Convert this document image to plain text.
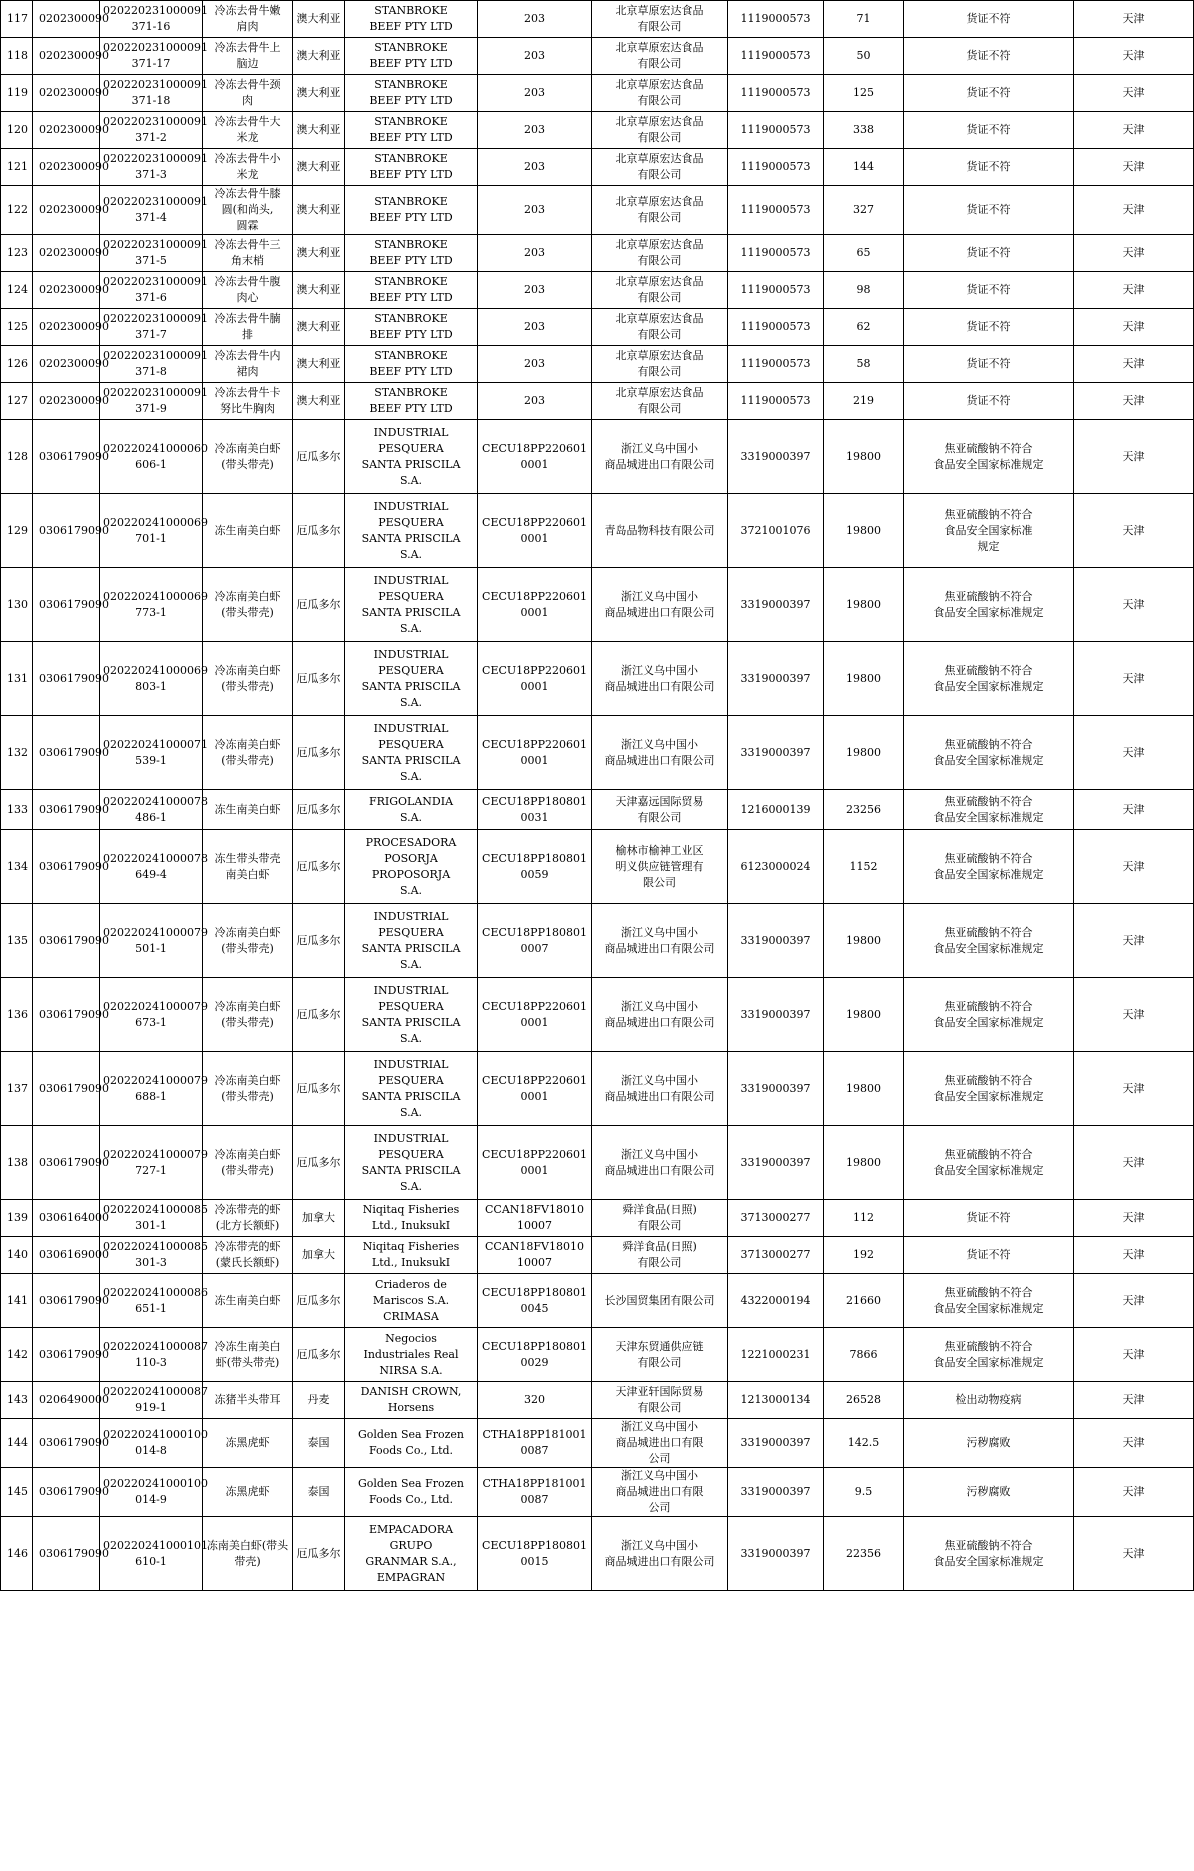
117	0202300090	020220231000091
371-16	冷冻去骨牛嫩
肩肉	澳大利亚	STANBROKE
BEEF PTY LTD	203	北京草原宏达食品
有限公司	1119000573	71	货证不符	天津
118	0202300090	020220231000091
371-17	冷冻去骨牛上
脑边	澳大利亚	STANBROKE
BEEF PTY LTD	203	北京草原宏达食品
有限公司	1119000573	50	货证不符	天津
119	0202300090	020220231000091
371-18	冷冻去骨牛颈
肉	澳大利亚	STANBROKE
BEEF PTY LTD	203	北京草原宏达食品
有限公司	1119000573	125	货证不符	天津
120	0202300090	020220231000091
371-2	冷冻去骨牛大
米龙	澳大利亚	STANBROKE
BEEF PTY LTD	203	北京草原宏达食品
有限公司	1119000573	338	货证不符	天津
121	0202300090	020220231000091
371-3	冷冻去骨牛小
米龙	澳大利亚	STANBROKE
BEEF PTY LTD	203	北京草原宏达食品
有限公司	1119000573	144	货证不符	天津
122	0202300090	020220231000091
371-4	冷冻去骨牛膝
圆(和尚头,
圆霖	澳大利亚	STANBROKE
BEEF PTY LTD	203	北京草原宏达食品
有限公司	1119000573	327	货证不符	天津
123	0202300090	020220231000091
371-5	冷冻去骨牛三
角末梢	澳大利亚	STANBROKE
BEEF PTY LTD	203	北京草原宏达食品
有限公司	1119000573	65	货证不符	天津
124	0202300090	020220231000091
371-6	冷冻去骨牛腹
肉心	澳大利亚	STANBROKE
BEEF PTY LTD	203	北京草原宏达食品
有限公司	1119000573	98	货证不符	天津
125	0202300090	020220231000091
371-7	冷冻去骨牛腩
排	澳大利亚	STANBROKE
BEEF PTY LTD	203	北京草原宏达食品
有限公司	1119000573	62	货证不符	天津
126	0202300090	020220231000091
371-8	冷冻去骨牛内
裙肉	澳大利亚	STANBROKE
BEEF PTY LTD	203	北京草原宏达食品
有限公司	1119000573	58	货证不符	天津
127	0202300090	020220231000091
371-9	冷冻去骨牛卡
努比牛胸肉	澳大利亚	STANBROKE
BEEF PTY LTD	203	北京草原宏达食品
有限公司	1119000573	219	货证不符	天津
128	0306179090	020220241000060
606-1	冷冻南美白虾
(带头带壳)	厄瓜多尔	INDUSTRIAL
PESQUERA
SANTA PRISCILA
S.A.	CECU18PP220601
0001	浙江义乌中国小
商品城进出口有限公司	3319000397	19800	焦亚硫酸钠不符合
食品安全国家标准规定	天津
129	0306179090	020220241000069
701-1	冻生南美白虾	厄瓜多尔	INDUSTRIAL
PESQUERA
SANTA PRISCILA
S.A.	CECU18PP220601
0001	青岛品物科技有限公司	3721001076	19800	焦亚硫酸钠不符合
食品安全国家标准
规定	天津
130	0306179090	020220241000069
773-1	冷冻南美白虾
(带头带壳)	厄瓜多尔	INDUSTRIAL
PESQUERA
SANTA PRISCILA
S.A.	CECU18PP220601
0001	浙江义乌中国小
商品城进出口有限公司	3319000397	19800	焦亚硫酸钠不符合
食品安全国家标准规定	天津
131	0306179090	020220241000069
803-1	冷冻南美白虾
(带头带壳)	厄瓜多尔	INDUSTRIAL
PESQUERA
SANTA PRISCILA
S.A.	CECU18PP220601
0001	浙江义乌中国小
商品城进出口有限公司	3319000397	19800	焦亚硫酸钠不符合
食品安全国家标准规定	天津
132	0306179090	020220241000071
539-1	冷冻南美白虾
(带头带壳)	厄瓜多尔	INDUSTRIAL
PESQUERA
SANTA PRISCILA
S.A.	CECU18PP220601
0001	浙江义乌中国小
商品城进出口有限公司	3319000397	19800	焦亚硫酸钠不符合
食品安全国家标准规定	天津
133	0306179090	020220241000078
486-1	冻生南美白虾	厄瓜多尔	FRIGOLANDIA
S.A.	CECU18PP180801
0031	天津嘉远国际贸易
有限公司	1216000139	23256	焦亚硫酸钠不符合
食品安全国家标准规定	天津
134	0306179090	020220241000078
649-4	冻生带头带壳
南美白虾	厄瓜多尔	PROCESADORA
POSORJA
PROPOSORJA
S.A.	CECU18PP180801
0059	榆林市榆神工业区
明义供应链管理有
限公司	6123000024	1152	焦亚硫酸钠不符合
食品安全国家标准规定	天津
135	0306179090	020220241000079
501-1	冷冻南美白虾
(带头带壳)	厄瓜多尔	INDUSTRIAL
PESQUERA
SANTA PRISCILA
S.A.	CECU18PP180801
0007	浙江义乌中国小
商品城进出口有限公司	3319000397	19800	焦亚硫酸钠不符合
食品安全国家标准规定	天津
136	0306179090	020220241000079
673-1	冷冻南美白虾
(带头带壳)	厄瓜多尔	INDUSTRIAL
PESQUERA
SANTA PRISCILA
S.A.	CECU18PP220601
0001	浙江义乌中国小
商品城进出口有限公司	3319000397	19800	焦亚硫酸钠不符合
食品安全国家标准规定	天津
137	0306179090	020220241000079
688-1	冷冻南美白虾
(带头带壳)	厄瓜多尔	INDUSTRIAL
PESQUERA
SANTA PRISCILA
S.A.	CECU18PP220601
0001	浙江义乌中国小
商品城进出口有限公司	3319000397	19800	焦亚硫酸钠不符合
食品安全国家标准规定	天津
138	0306179090	020220241000079
727-1	冷冻南美白虾
(带头带壳)	厄瓜多尔	INDUSTRIAL
PESQUERA
SANTA PRISCILA
S.A.	CECU18PP220601
0001	浙江义乌中国小
商品城进出口有限公司	3319000397	19800	焦亚硫酸钠不符合
食品安全国家标准规定	天津
139	0306164000	020220241000085
301-1	冷冻带壳的虾
(北方长额虾)	加拿大	Niqitaq Fisheries
Ltd., InuksukI	CCAN18FV18010
10007	舜洋食品(日照)
有限公司	3713000277	112	货证不符	天津
140	0306169000	020220241000085
301-3	冷冻带壳的虾
(蒙氏长额虾)	加拿大	Niqitaq Fisheries
Ltd., InuksukI	CCAN18FV18010
10007	舜洋食品(日照)
有限公司	3713000277	192	货证不符	天津
141	0306179090	020220241000086
651-1	冻生南美白虾	厄瓜多尔	Criaderos de
Mariscos S.A.
CRIMASA	CECU18PP180801
0045	长沙国贸集团有限公司	4322000194	21660	焦亚硫酸钠不符合
食品安全国家标准规定	天津
142	0306179090	020220241000087
110-3	冷冻生南美白
虾(带头带壳)	厄瓜多尔	Negocios
Industriales Real
NIRSA S.A.	CECU18PP180801
0029	天津东贸通供应链
有限公司	1221000231	7866	焦亚硫酸钠不符合
食品安全国家标准规定	天津
143	0206490000	020220241000087
919-1	冻猪半头带耳	丹麦	DANISH CROWN,
Horsens	320	天津亚轩国际贸易
有限公司	1213000134	26528	检出动物疫病	天津
144	0306179090	020220241000100
014-8	冻黑虎虾	泰国	Golden Sea Frozen
Foods Co., Ltd.	CTHA18PP181001
0087	浙江义乌中国小
商品城进出口有限
公司	3319000397	142.5	污秽腐败	天津
145	0306179090	020220241000100
014-9	冻黑虎虾	泰国	Golden Sea Frozen
Foods Co., Ltd.	CTHA18PP181001
0087	浙江义乌中国小
商品城进出口有限
公司	3319000397	9.5	污秽腐败	天津
146	0306179090	020220241000101
610-1	冻南美白虾(带头
带壳)	厄瓜多尔	EMPACADORA
GRUPO
GRANMAR S.A.,
EMPAGRAN	CECU18PP180801
0015	浙江义乌中国小
商品城进出口有限公司	3319000397	22356	焦亚硫酸钠不符合
食品安全国家标准规定	天津
